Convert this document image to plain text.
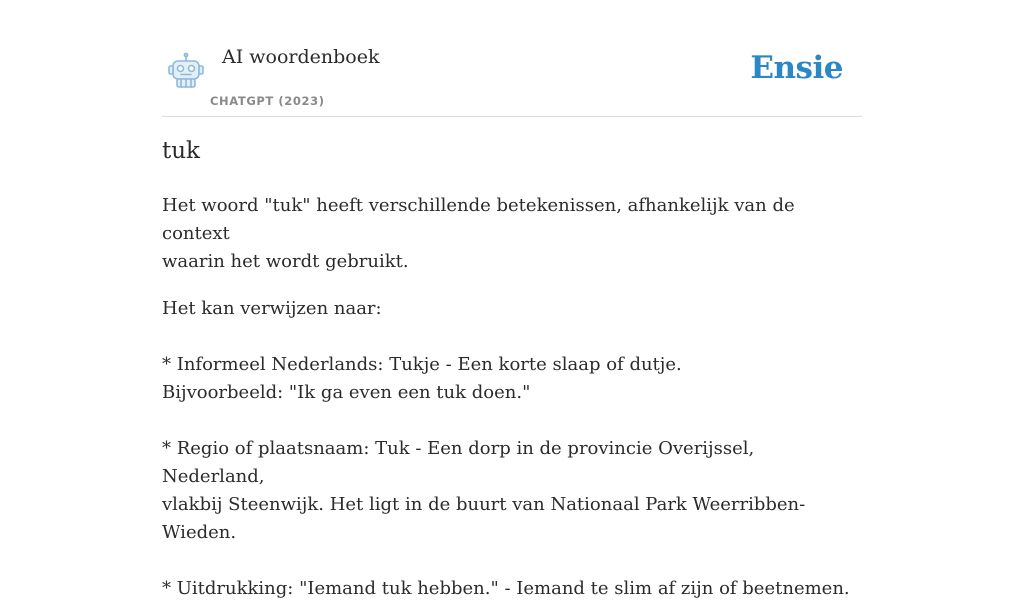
AI woordenboek
CHATGPT (2023)
Ensie
tuk

Het woord "tuk" heeft verschillende betekenissen, afhankelijk van de context

waarin het wordt gebruikt.

Het kan verwijzen naar:

* Informeel Nederlands: Tukje - Een korte slaap of dutje.

Bijvoorbeeld: "Ik ga even een tuk doen."

* Regio of plaatsnaam: Tuk - Een dorp in de provincie Overijssel, Nederland,

vlakbij Steenwijk. Het ligt in de buurt van Nationaal Park Weerribben-Wieden.

* Uitdrukking: "Iemand tuk hebben." - Iemand te slim af zijn of beetnemen.
